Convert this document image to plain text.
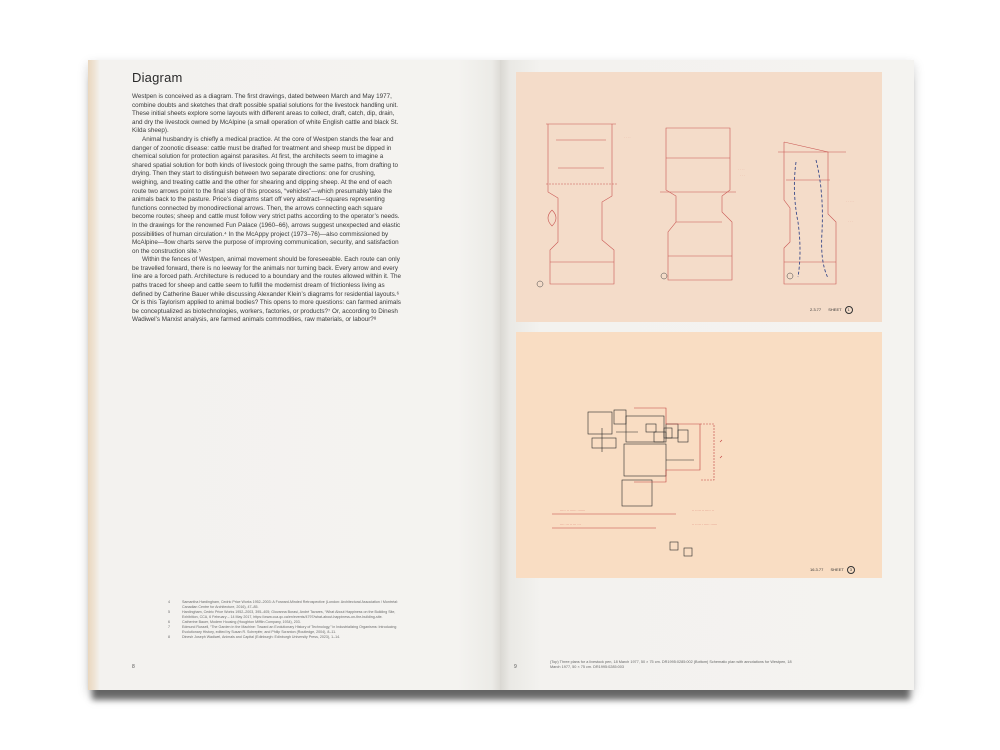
Diagram

Westpen is conceived as a diagram. The first drawings, dated between March and May 1977, combine doubts and sketches that draft possible spatial solutions for the livestock handling unit. These initial sheets explore some layouts with different areas to collect, draft, catch, dip, drain, and dry the livestock owned by McAlpine (a small operation of white English cattle and black St. Kilda sheep).

Animal husbandry is chiefly a medical practice. At the core of Westpen stands the fear and danger of zoonotic disease: cattle must be drafted for treatment and sheep must be dipped in chemical solution for protection against parasites. At first, the architects seem to imagine a shared spatial solution for both kinds of livestock going through the same paths, from drafting to drying. Then they start to distinguish between two separate directions: one for crushing, weighing, and treating cattle and the other for shearing and dipping sheep. At the end of each route two arrows point to the final step of this process, “vehicles”—which presumably take the animals back to the pasture. Price’s diagrams start off very abstract—squares representing functions connected by monodirectional arrows. Then, the arrows connecting each square become routes; sheep and cattle must follow very strict paths according to the operator’s needs. In the drawings for the renowned Fun Palace (1960–66), arrows suggest unexpected and elastic possibilities of human circulation.⁴ In the McAppy project (1973–76)—also commissioned by McAlpine—flow charts serve the purpose of improving communication, security, and satisfaction on the construction site.⁵

Within the fences of Westpen, animal movement should be foreseeable. Each route can only be travelled forward, there is no leeway for the animals nor turning back. Every arrow and every line are a forced path. Architecture is reduced to a boundary and the routes allowed within it. The paths traced for sheep and cattle seem to fulfill the modernist dream of frictionless living as defined by Catherine Bauer while discussing Alexander Klein’s diagrams for residential layouts.⁶ Or is this Taylorism applied to animal bodies? This opens to more questions: can farmed animals be conceptualized as biotechnologies, workers, factories, or products?⁷ Or, according to Dinesh Wadiwel’s Marxist analysis, are farmed animals commodities, raw materials, or labour?⁸

4	Samantha Hardingham, Cedric Price Works 1952–2003: A Forward-Minded Retrospective (London: Architectural Association / Montréal: Canadian Centre for Architecture, 2016), 47–85.
5	Hardingham, Cedric Price Works 1952–2003, 395–405; Giovanna Borasi, André Tavares, “What About Happiness on the Building Site, Exhibition, CCA, 6 February – 14 May 2017, https://www.cca.qc.ca/en/events/4797/what-about-happiness-on-the-building-site.
6	Catherine Bauer, Modern Housing (Houghton Mifflin Company, 1934), 203.
7	Edmund Russell, “The Garden in the Machine: Toward an Evolutionary History of Technology,” in Industrializing Organisms: Introducing Evolutionary History, edited by Susan R. Schrepfer, and Philip Scranton (Routledge, 2004), 8–11.
8	Dinesh Joseph Wadiwel, Animals and Capital (Edinburgh: Edinburgh University Press, 2023), 1–14.
8
· · · ·
· · · ·
· · ·
· · · · ·
· · ·
····· ·· ······ ·······
···· ··· ·· ··· ···
·· ····· ·· ····· ··
·· ····· · ····· ······
(Top) Three plans for a livestock pen, 18 March 1977, 50 × 75 cm. DR1995:0285:002 (Bottom) Schematic plan with annotations for Westpen, 18 March 1977, 50 × 75 cm. DR1995:0285:003
9
2.3.77 SHEET 1
16.3.77 SHEET 3
